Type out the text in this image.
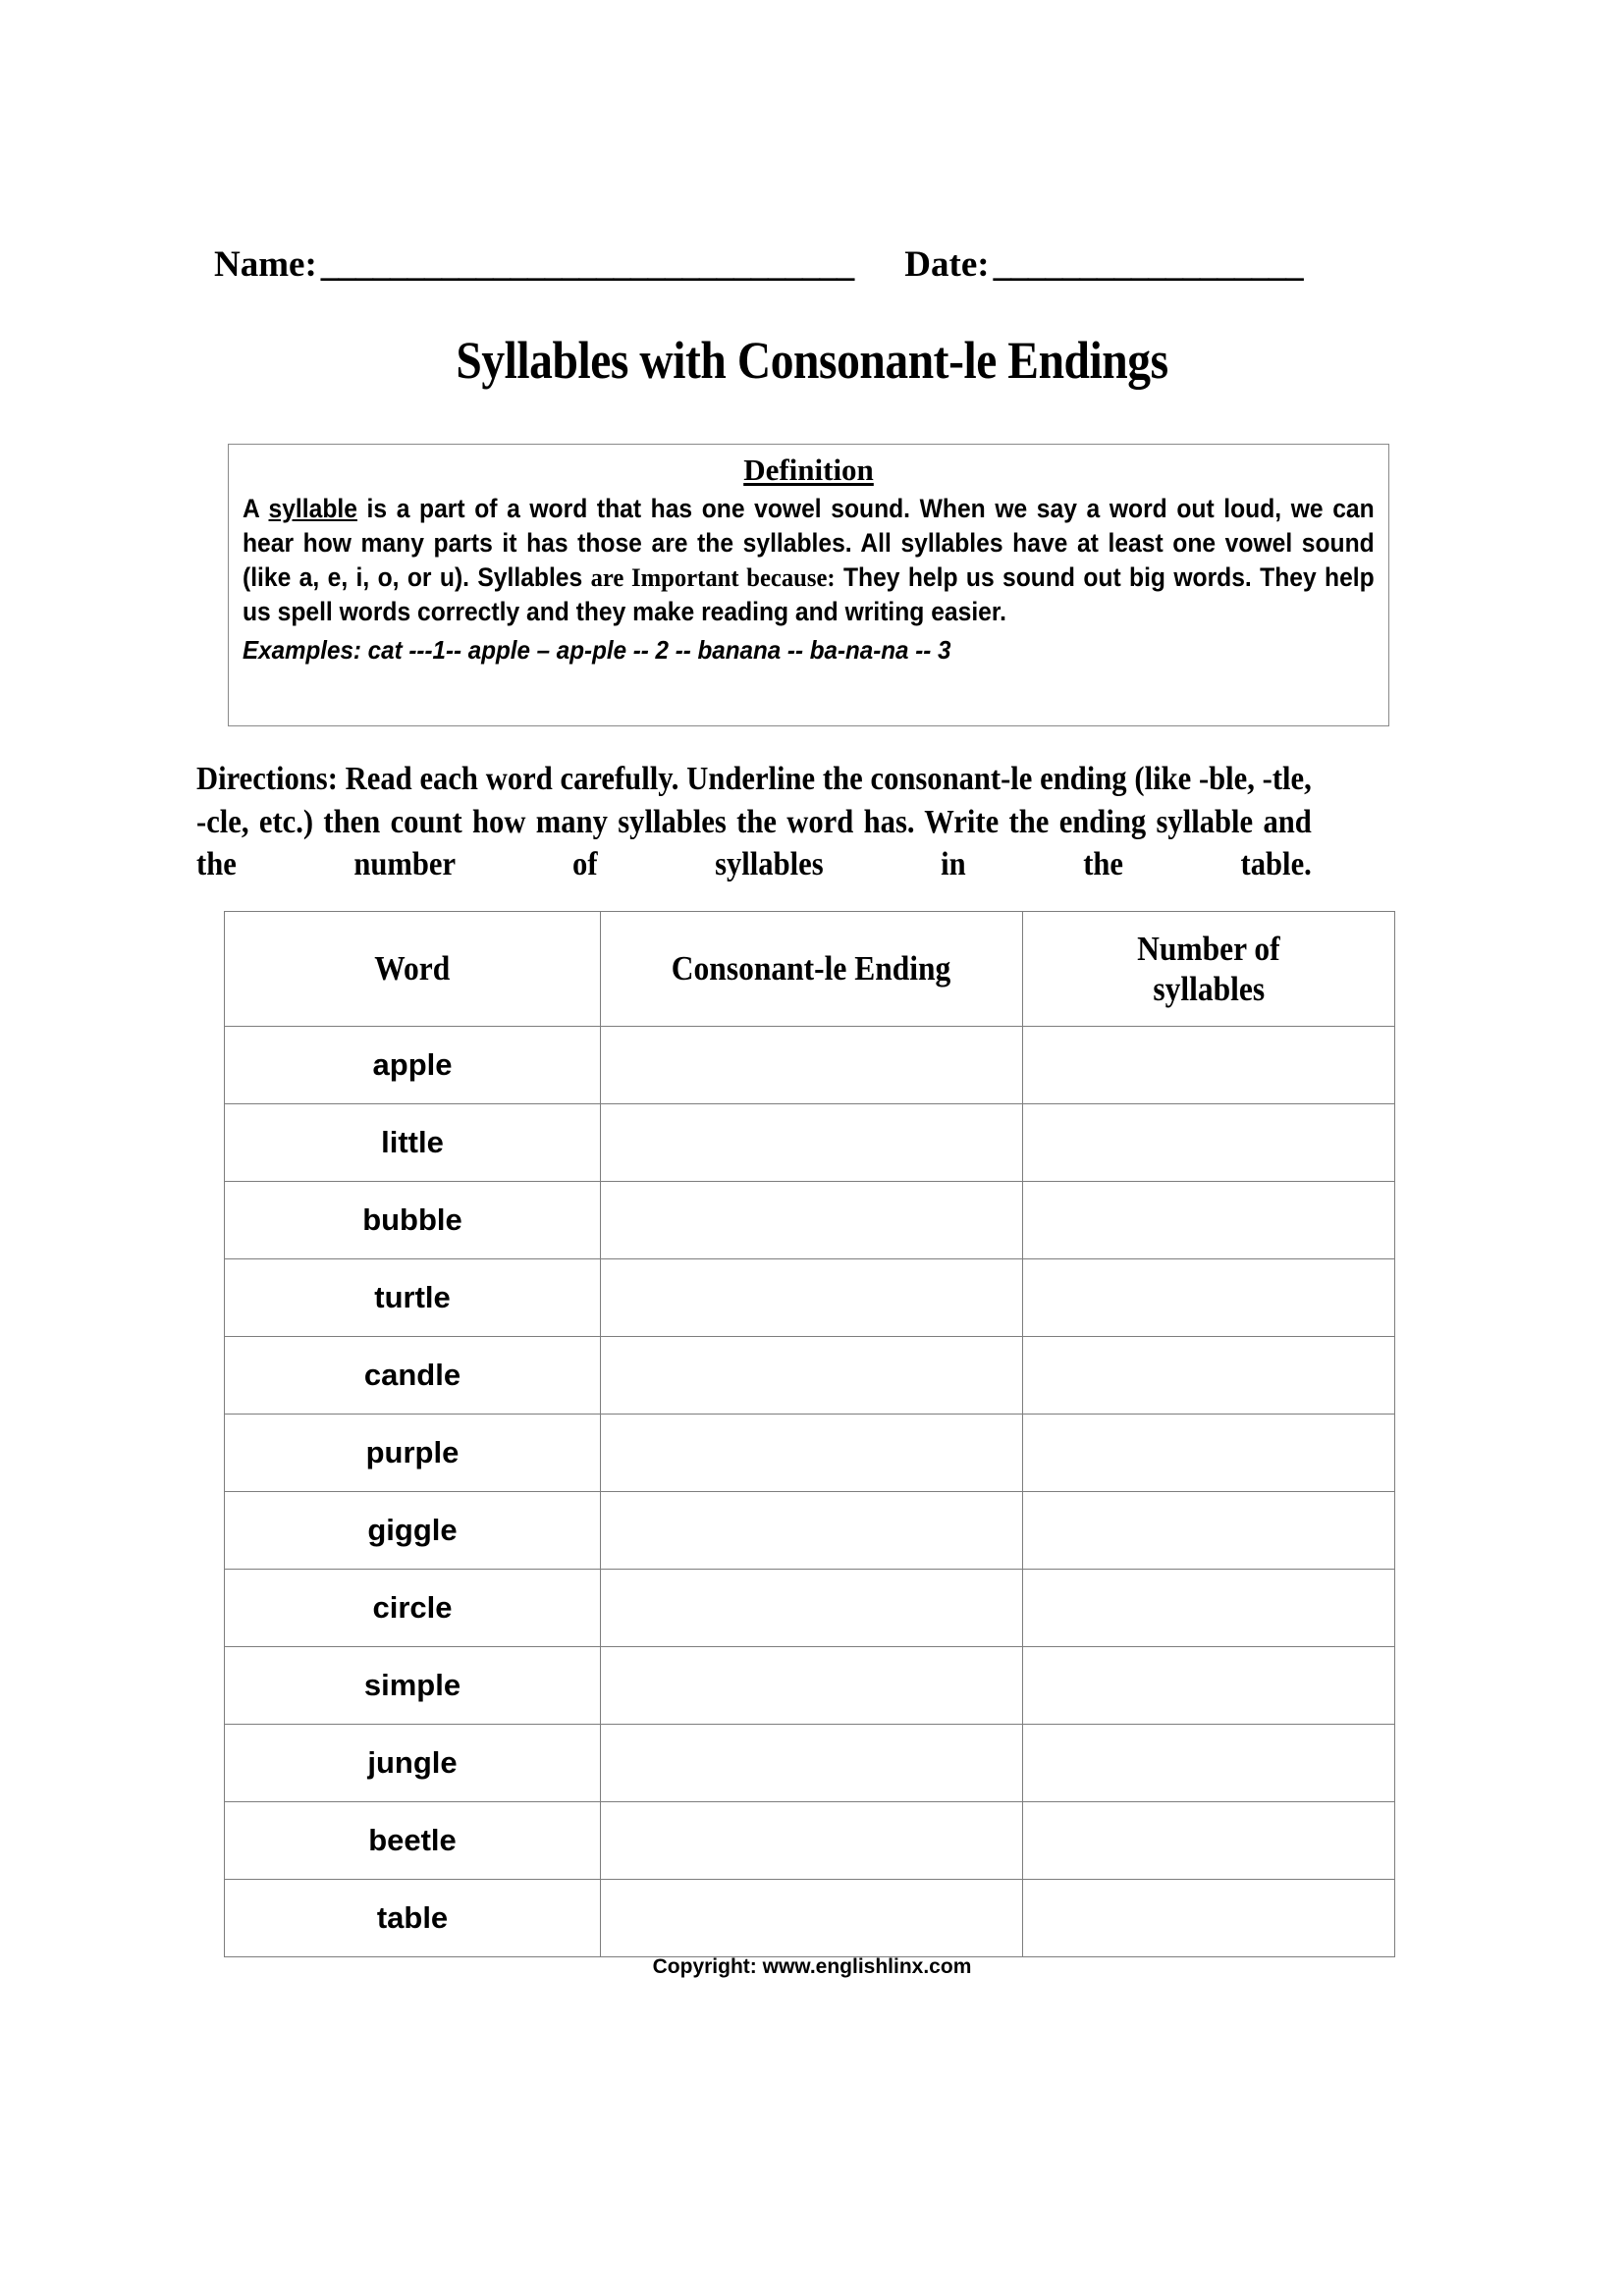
Name: _______________________________ Date: __________________
Syllables with Consonant-le Endings
Definition
A syllable is a part of a word that has one vowel sound. When we say a word out loud, we can hear how many parts it has those are the syllables. All syllables have at least one vowel sound (like a, e, i, o, or u). Syllables are Important because: They help us sound out big words. They help us spell words correctly and they make reading and writing easier.
Examples: cat ---1-- apple – ap-ple -- 2 -- banana -- ba-na-na -- 3
Directions: Read each word carefully. Underline the consonant-le ending (like -ble, -tle, -cle, etc.) then count how many syllables the word has. Write the ending syllable and the number of syllables in the table.
Word	Consonant-le Ending	Number of
syllables
apple		
little		
bubble		
turtle		
candle		
purple		
giggle		
circle		
simple		
jungle		
beetle		
table		
Copyright: www.englishlinx.com
